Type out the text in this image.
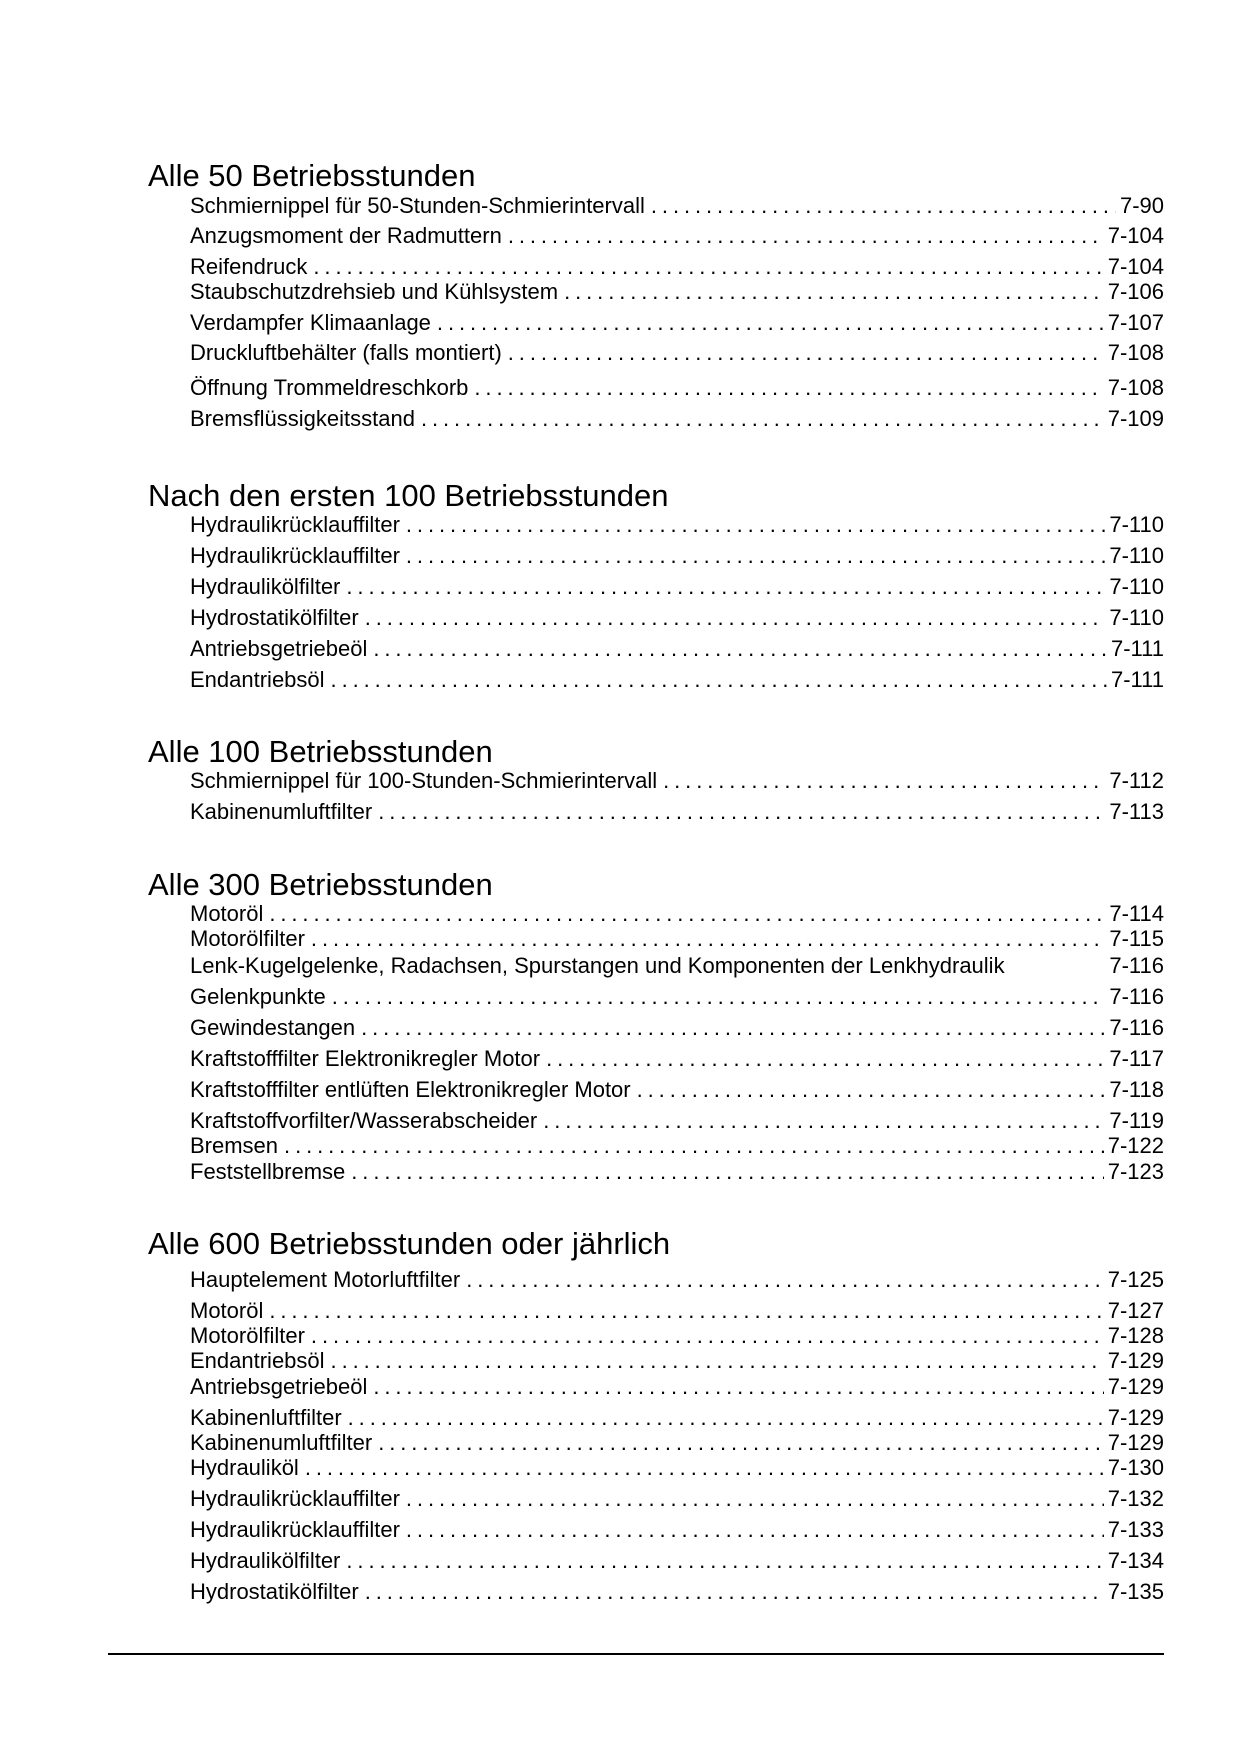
Alle 50 Betriebsstunden
Schmiernippel für 50-Stunden-Schmierintervall . . .	7-90
Anzugsmoment der Radmuttern . . .	7-104
Reifendruck . . .	7-104
Staubschutzdrehsieb und Kühlsystem . . .	7-106
Verdampfer Klimaanlage . . .	7-107
Druckluftbehälter (falls montiert) . . .	7-108
Öffnung Trommeldreschkorb . . .	7-108
Bremsflüssigkeitsstand . . .	7-109
Nach den ersten 100 Betriebsstunden
Hydraulikrücklauffilter . . .	7-110
Hydraulikrücklauffilter . . .	7-110
Hydraulikölfilter . . .	7-110
Hydrostatikölfilter . . .	7-110
Antriebsgetriebeöl . . .	7-111
Endantriebsöl . . .	7-111
Alle 100 Betriebsstunden
Schmiernippel für 100-Stunden-Schmierintervall . . .	7-112
Kabinenumluftfilter . . .	7-113
Alle 300 Betriebsstunden
Motoröl . . .	7-114
Motorölfilter . . .	7-115
Lenk-Kugelgelenke, Radachsen, Spurstangen und Komponenten der Lenkhydraulik	7-116
Gelenkpunkte . . .	7-116
Gewindestangen . . .	7-116
Kraftstofffilter Elektronikregler Motor . . .	7-117
Kraftstofffilter entlüften Elektronikregler Motor . . .	7-118
Kraftstoffvorfilter/Wasserabscheider . . .	7-119
Bremsen . . .	7-122
Feststellbremse . . .	7-123
Alle 600 Betriebsstunden oder jährlich
Hauptelement Motorluftfilter . . .	7-125
Motoröl . . .	7-127
Motorölfilter . . .	7-128
Endantriebsöl . . .	7-129
Antriebsgetriebeöl . . .	7-129
Kabinenluftfilter . . .	7-129
Kabinenumluftfilter . . .	7-129
Hydrauliköl . . .	7-130
Hydraulikrücklauffilter . . .	7-132
Hydraulikrücklauffilter . . .	7-133
Hydraulikölfilter . . .	7-134
Hydrostatikölfilter . . .	7-135
